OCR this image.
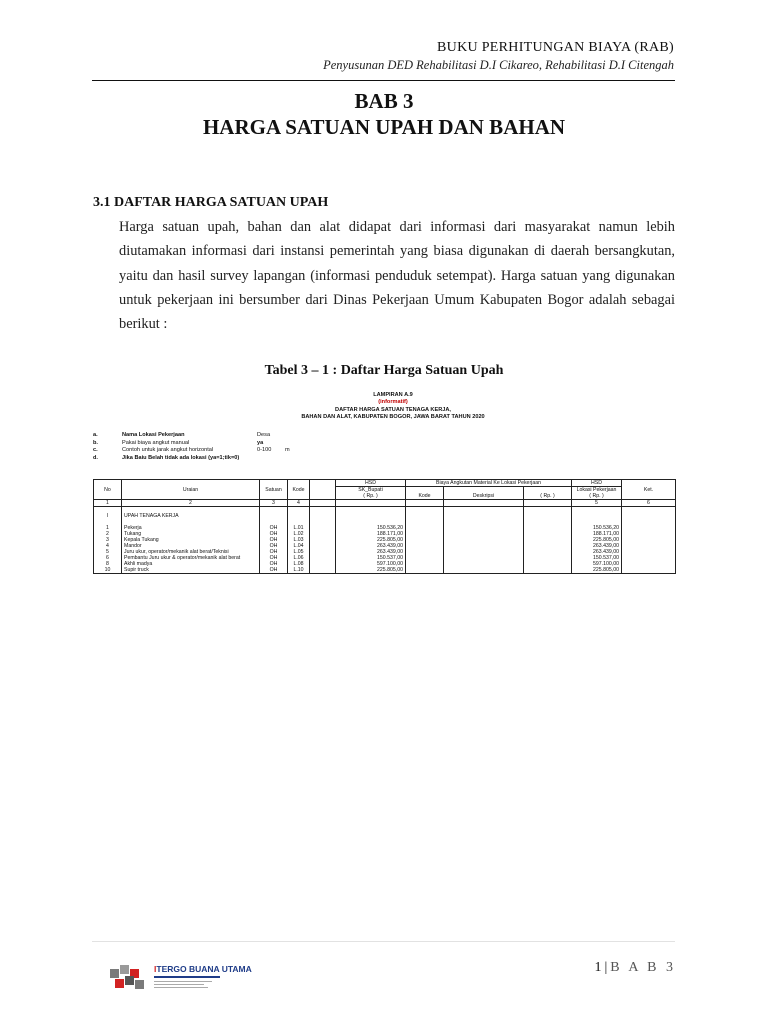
BUKU PERHITUNGAN BIAYA (RAB)
Penyusunan DED Rehabilitasi D.I Cikareo, Rehabilitasi D.I Citengah
BAB 3
HARGA SATUAN UPAH DAN BAHAN
3.1 DAFTAR HARGA SATUAN UPAH
Harga satuan upah, bahan dan alat didapat dari informasi dari masyarakat namun lebih diutamakan informasi dari instansi pemerintah yang biasa digunakan di daerah bersangkutan, yaitu dan hasil survey lapangan (informasi penduduk setempat). Harga satuan yang digunakan untuk pekerjaan ini bersumber dari Dinas Pekerjaan Umum Kabupaten Bogor adalah sebagai berikut :
Tabel 3 – 1 : Daftar Harga Satuan Upah
LAMPIRAN A.9
(informatif)
DAFTAR HARGA SATUAN TENAGA KERJA,
BAHAN DAN ALAT, KABUPATEN BOGOR, JAWA BARAT TAHUN 2020
a.	Nama Lokasi Pekerjaan	Desa
b.	Pakai biaya angkut manual	ya
c.	Contoh untuk jarak angkut horizontal	0-100 m
d.	Jika Baiu Belah tidak ada lokasi (ya=1;tik=0)
					HSD	Biaya Angkutan Material Ke Lokasi Pekerjaan			HSD	
No	Uraian	Satuan	Kode		SK_Bupati				Lokasi Pekerjaan	Ket.
					( Rp. )	Kode	Deskripsi	( Rp. )	( Rp. )	
1	2	3	4						5	6

I	UPAH TENAGA KERJA									

1	Pekerja	OH	L.01		150.536,20				150.536,20	
2	Tukang	OH	L.02		188.171,00				188.171,00	
3	Kepala Tukang	OH	L.03		225.805,00				225.805,00	
4	Mandor	OH	L.04		263.439,00				263.439,00	
5	Juru ukur, operator/mekanik alat berat/Teknisi	OH	L.05		263.439,00				263.439,00	
6	Pembantu Juru ukur & operator/mekanik alat berat	OH	L.06		150.537,00				150.537,00	
8	Akhli madya	OH	L.08		597.100,00				597.100,00	
10	Supir truck	OH	L.10		225.805,00				225.805,00	
ITERGO BUANA UTAMA	1|B A B 3
